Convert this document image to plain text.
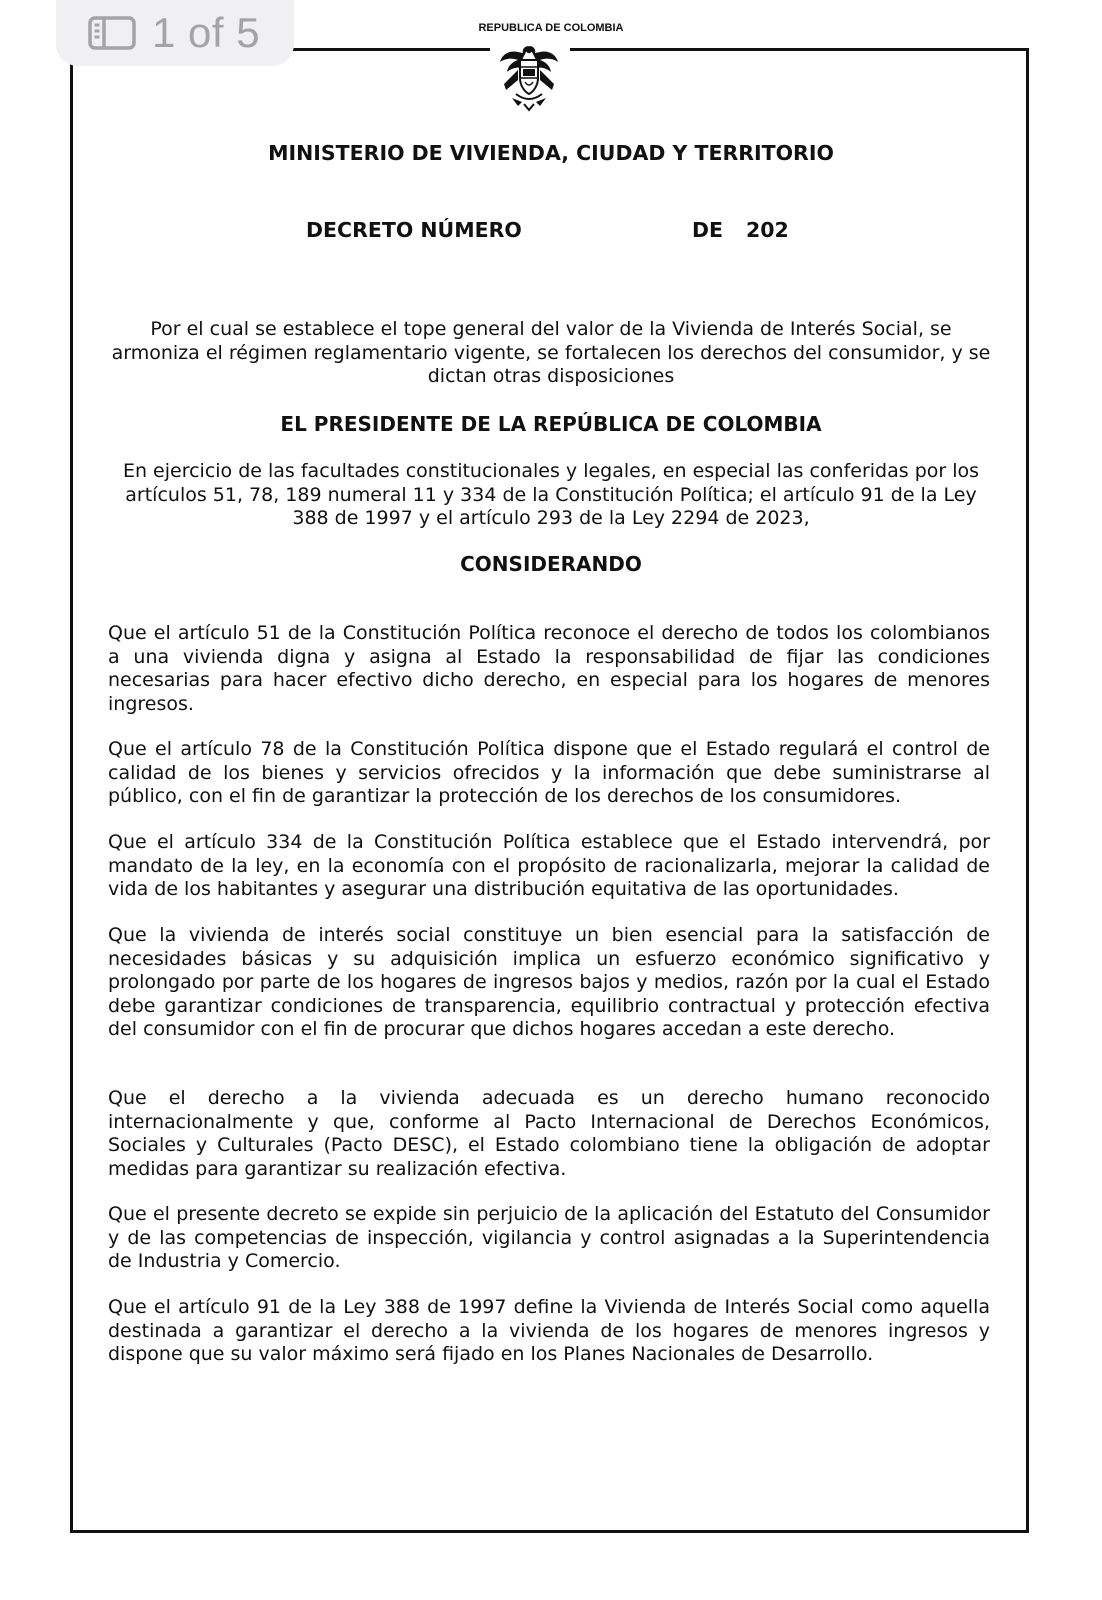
1 of 5	REPUBLICA DE COLOMBIA
MINISTERIO DE VIVIENDA, CIUDAD Y TERRITORIO
DECRETO NÚMERO	DE 202
Por el cual se establece el tope general del valor de la Vivienda de Interés Social, se armoniza el régimen reglamentario vigente, se fortalecen los derechos del consumidor, y se dictan otras disposiciones
EL PRESIDENTE DE LA REPÚBLICA DE COLOMBIA
En ejercicio de las facultades constitucionales y legales, en especial las conferidas por los artículos 51, 78, 189 numeral 11 y 334 de la Constitución Política; el artículo 91 de la Ley 388 de 1997 y el artículo 293 de la Ley 2294 de 2023,
CONSIDERANDO
Que el artículo 51 de la Constitución Política reconoce el derecho de todos los colombianos a una vivienda digna y asigna al Estado la responsabilidad de fijar las condiciones necesarias para hacer efectivo dicho derecho, en especial para los hogares de menores ingresos.
Que el artículo 78 de la Constitución Política dispone que el Estado regulará el control de calidad de los bienes y servicios ofrecidos y la información que debe suministrarse al público, con el fin de garantizar la protección de los derechos de los consumidores.
Que el artículo 334 de la Constitución Política establece que el Estado intervendrá, por mandato de la ley, en la economía con el propósito de racionalizarla, mejorar la calidad de vida de los habitantes y asegurar una distribución equitativa de las oportunidades.
Que la vivienda de interés social constituye un bien esencial para la satisfacción de necesidades básicas y su adquisición implica un esfuerzo económico significativo y prolongado por parte de los hogares de ingresos bajos y medios, razón por la cual el Estado debe garantizar condiciones de transparencia, equilibrio contractual y protección efectiva del consumidor con el fin de procurar que dichos hogares accedan a este derecho.
Que el derecho a la vivienda adecuada es un derecho humano reconocido internacionalmente y que, conforme al Pacto Internacional de Derechos Económicos, Sociales y Culturales (Pacto DESC), el Estado colombiano tiene la obligación de adoptar medidas para garantizar su realización efectiva.
Que el presente decreto se expide sin perjuicio de la aplicación del Estatuto del Consumidor y de las competencias de inspección, vigilancia y control asignadas a la Superintendencia de Industria y Comercio.
Que el artículo 91 de la Ley 388 de 1997 define la Vivienda de Interés Social como aquella destinada a garantizar el derecho a la vivienda de los hogares de menores ingresos y dispone que su valor máximo será fijado en los Planes Nacionales de Desarrollo.
